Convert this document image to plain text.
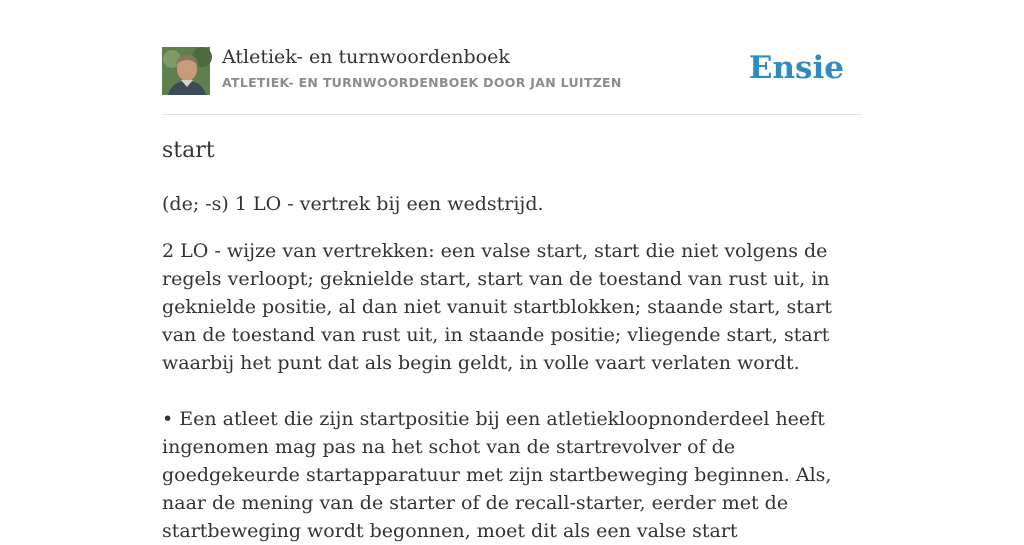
Atletiek- en turnwoordenboek
ATLETIEK- EN TURNWOORDENBOEK DOOR JAN LUITZEN	Ensie
start

(de; -s) 1 LO - vertrek bij een wedstrijd.

2 LO - wijze van vertrekken: een valse start, start die niet volgens de regels verloopt; geknielde start, start van de toestand van rust uit, in geknielde positie, al dan niet vanuit startblokken; staande start, start van de toestand van rust uit, in staande positie; vliegende start, start waarbij het punt dat als begin geldt, in volle vaart verlaten wordt.

• Een atleet die zijn startpositie bij een atletiekloopnonderdeel heeft ingenomen mag pas na het schot van de startrevolver of de goedgekeurde startapparatuur met zijn startbeweging beginnen. Als, naar de mening van de starter of de recall-starter, eerder met de startbeweging wordt begonnen, moet dit als een valse start
